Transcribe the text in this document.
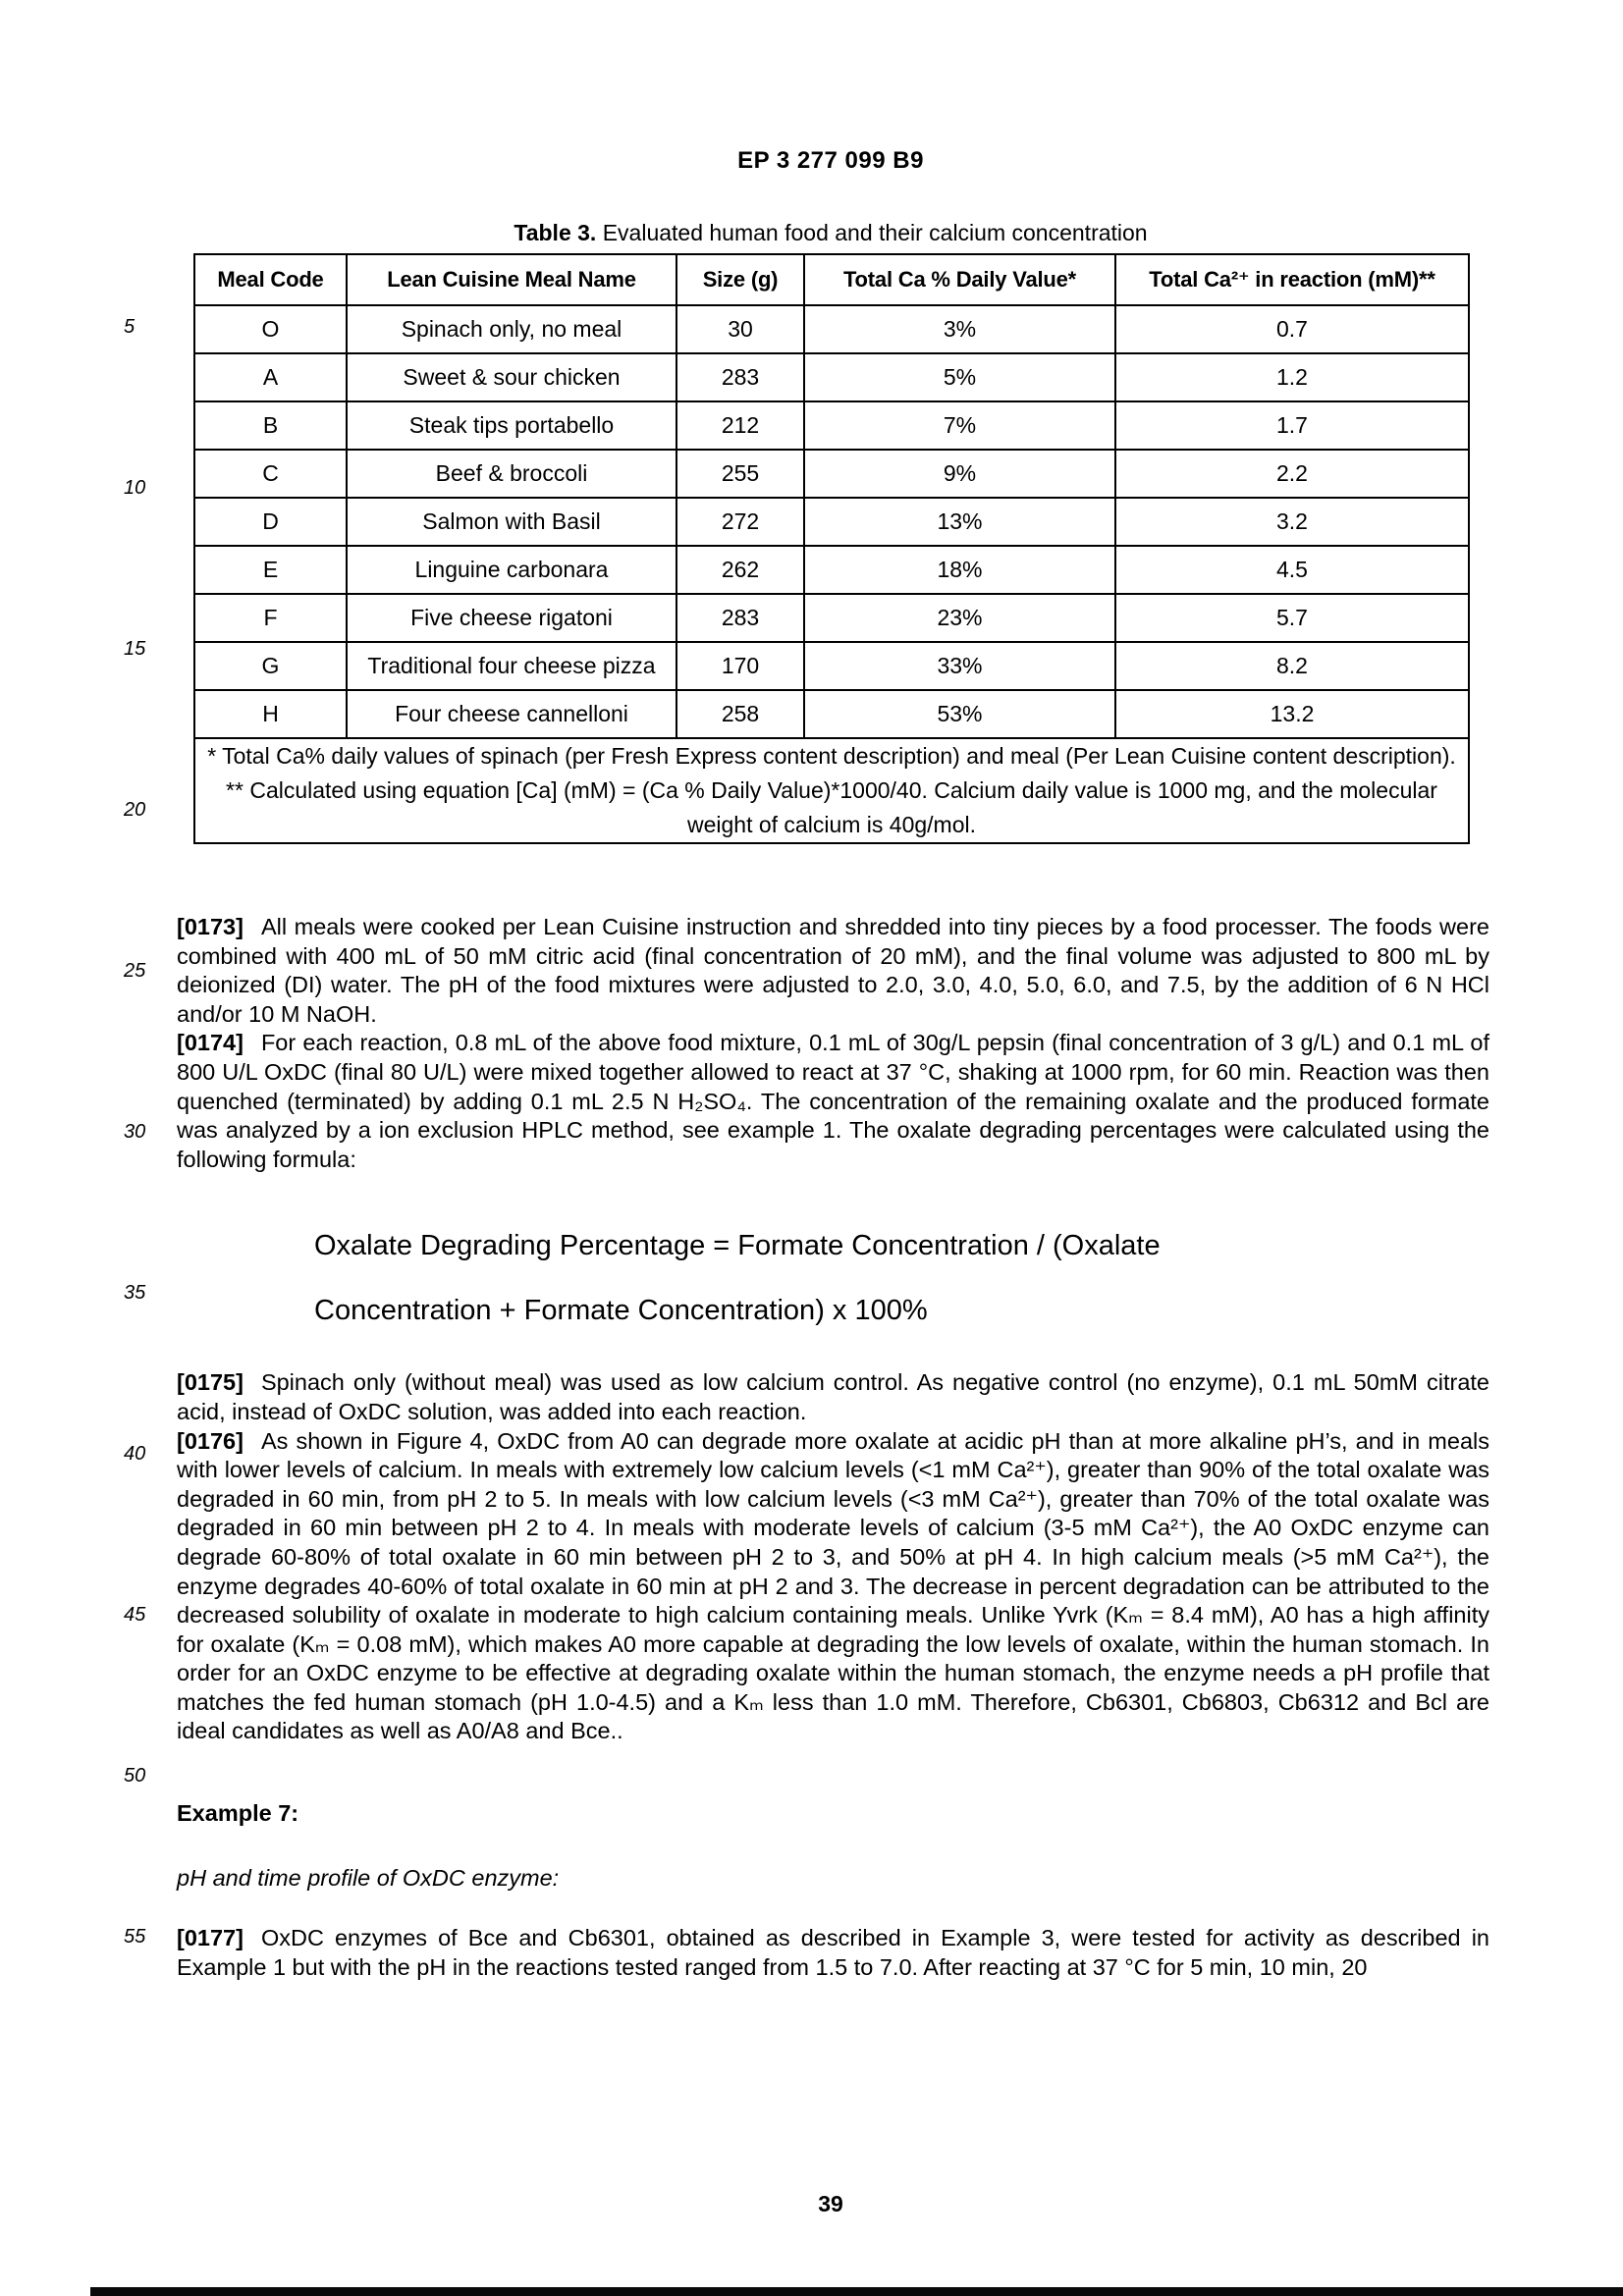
EP 3 277 099 B9
Table 3. Evaluated human food and their calcium concentration
Meal Code	Lean Cuisine Meal Name	Size (g)	Total Ca % Daily Value*	Total Ca²⁺ in reaction (mM)**
O	Spinach only, no meal	30	3%	0.7
A	Sweet & sour chicken	283	5%	1.2
B	Steak tips portabello	212	7%	1.7
C	Beef & broccoli	255	9%	2.2
D	Salmon with Basil	272	13%	3.2
E	Linguine carbonara	262	18%	4.5
F	Five cheese rigatoni	283	23%	5.7
G	Traditional four cheese pizza	170	33%	8.2
H	Four cheese cannelloni	258	53%	13.2

* Total Ca% daily values of spinach (per Fresh Express content description) and meal (Per Lean Cuisine content description).

** Calculated using equation [Ca] (mM) = (Ca % Daily Value)*1000/40. Calcium daily value is 1000 mg, and the molecular weight of calcium is 40g/mol.				

[0173] All meals were cooked per Lean Cuisine instruction and shredded into tiny pieces by a food processer. The foods were combined with 400 mL of 50 mM citric acid (final concentration of 20 mM), and the final volume was adjusted to 800 mL by deionized (DI) water. The pH of the food mixtures were adjusted to 2.0, 3.0, 4.0, 5.0, 6.0, and 7.5, by the addition of 6 N HCl and/or 10 M NaOH.

[0174] For each reaction, 0.8 mL of the above food mixture, 0.1 mL of 30g/L pepsin (final concentration of 3 g/L) and 0.1 mL of 800 U/L OxDC (final 80 U/L) were mixed together allowed to react at 37 °C, shaking at 1000 rpm, for 60 min. Reaction was then quenched (terminated) by adding 0.1 mL 2.5 N H₂SO₄. The concentration of the remaining oxalate and the produced formate was analyzed by a ion exclusion HPLC method, see example 1. The oxalate degrading percentages were calculated using the following formula:

Oxalate Degrading Percentage = Formate Concentration / (Oxalate
Concentration + Formate Concentration) x 100%

[0175] Spinach only (without meal) was used as low calcium control. As negative control (no enzyme), 0.1 mL 50mM citrate acid, instead of OxDC solution, was added into each reaction.

[0176] As shown in Figure 4, OxDC from A0 can degrade more oxalate at acidic pH than at more alkaline pH’s, and in meals with lower levels of calcium. In meals with extremely low calcium levels (<1 mM Ca²⁺), greater than 90% of the total oxalate was degraded in 60 min, from pH 2 to 5. In meals with low calcium levels (<3 mM Ca²⁺), greater than 70% of the total oxalate was degraded in 60 min between pH 2 to 4. In meals with moderate levels of calcium (3-5 mM Ca²⁺), the A0 OxDC enzyme can degrade 60-80% of total oxalate in 60 min between pH 2 to 3, and 50% at pH 4. In high calcium meals (>5 mM Ca²⁺), the enzyme degrades 40-60% of total oxalate in 60 min at pH 2 and 3. The decrease in percent degradation can be attributed to the decreased solubility of oxalate in moderate to high calcium containing meals. Unlike Yvrk (Kₘ = 8.4 mM), A0 has a high affinity for oxalate (Kₘ = 0.08 mM), which makes A0 more capable at degrading the low levels of oxalate, within the human stomach. In order for an OxDC enzyme to be effective at degrading oxalate within the human stomach, the enzyme needs a pH profile that matches the fed human stomach (pH 1.0-4.5) and a Kₘ less than 1.0 mM. Therefore, Cb6301, Cb6803, Cb6312 and Bcl are ideal candidates as well as A0/A8 and Bce..

Example 7:

pH and time profile of OxDC enzyme:

[0177] OxDC enzymes of Bce and Cb6301, obtained as described in Example 3, were tested for activity as described in Example 1 but with the pH in the reactions tested ranged from 1.5 to 7.0. After reacting at 37 °C for 5 min, 10 min, 20

39
5
10
15
20
25
30
35
40
45
50
55
